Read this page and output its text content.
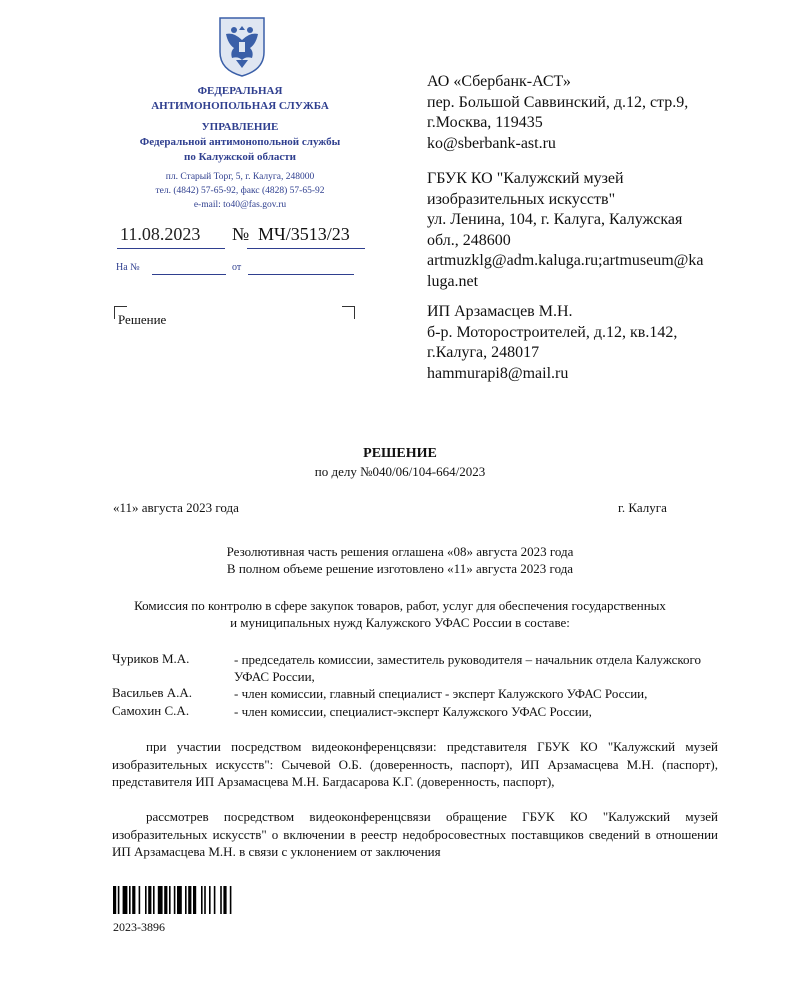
ФЕДЕРАЛЬНАЯ
АНТИМОНОПОЛЬНАЯ СЛУЖБА
УПРАВЛЕНИЕ
Федеральной антимонопольной службы
по Калужской области
пл. Старый Торг, 5, г. Калуга, 248000
тел. (4842) 57-65-92, факс (4828) 57-65-92
e-mail: to40@fas.gov.ru
11.08.2023 № МЧ/3513/23
На №	от
Решение
АО «Сбербанк-АСТ»
пер. Большой Саввинский, д.12, стр.9,
г.Москва, 119435
ko@sberbank-ast.ru
ГБУК КО "Калужский музей
изобразительных искусств"
ул. Ленина, 104, г. Калуга, Калужская
обл., 248600
artmuzklg@adm.kaluga.ru;artmuseum@ka
luga.net
ИП Арзамасцев М.Н.
б-р. Моторостроителей, д.12, кв.142,
г.Калуга, 248017
hammurapi8@mail.ru
РЕШЕНИЕ
по делу №040/06/104-664/2023
«11» августа 2023 года	г. Калуга
Резолютивная часть решения оглашена «08» августа 2023 года
В полном объеме решение изготовлено «11» августа 2023 года
Комиссия по контролю в сфере закупок товаров, работ, услуг для обеспечения государственных и муниципальных нужд Калужского УФАС России в составе:
Чуриков М.А.	- председатель комиссии, заместитель руководителя – начальник отдела Калужского УФАС России,
Васильев А.А.	- член комиссии, главный специалист - эксперт Калужского УФАС России,
Самохин С.А.	- член комиссии, специалист-эксперт Калужского УФАС России,
при участии посредством видеоконференцсвязи: представителя ГБУК КО "Калужский музей изобразительных искусств": Сычевой О.Б. (доверенность, паспорт), ИП Арзамасцева М.Н. (паспорт), представителя ИП Арзамасцева М.Н. Багдасарова К.Г. (доверенность, паспорт),
рассмотрев посредством видеоконференцсвязи обращение ГБУК КО "Калужский музей изобразительных искусств" о включении в реестр недобросовестных поставщиков сведений в отношении ИП Арзамасцева М.Н. в связи с уклонением от заключения
2023-3896
